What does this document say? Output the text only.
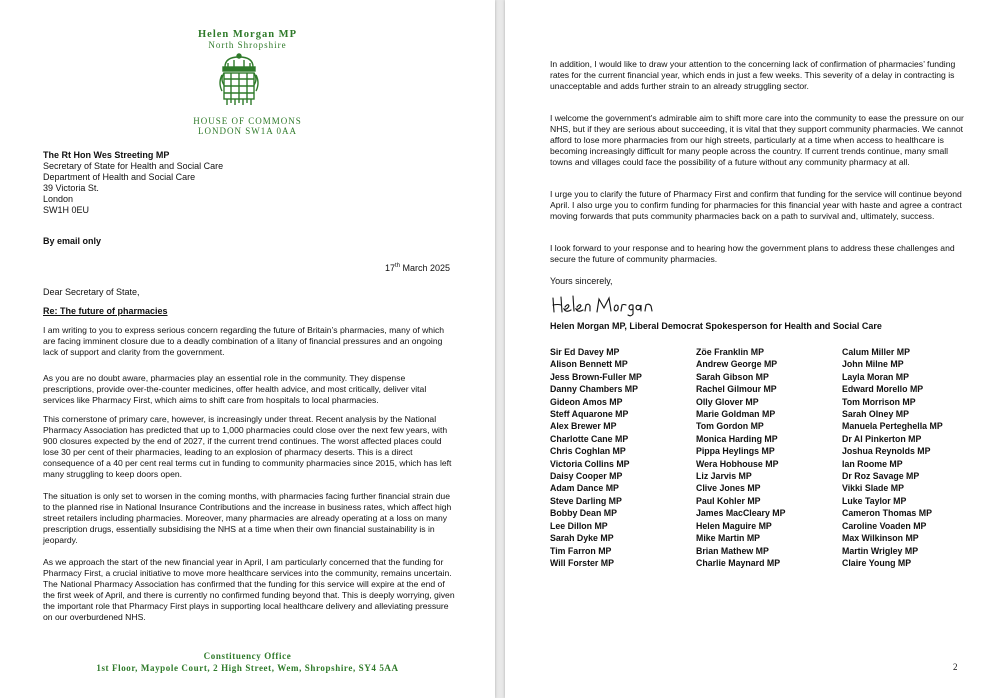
Helen Morgan MP
North Shropshire
HOUSE OF COMMONS
LONDON SW1A 0AA
The Rt Hon Wes Streeting MP
Secretary of State for Health and Social Care
Department of Health and Social Care
39 Victoria St.
London
SW1H 0EU
By email only
17th March 2025
Dear Secretary of State,
Re: The future of pharmacies
I am writing to you to express serious concern regarding the future of Britain’s pharmacies, many of which are facing imminent closure due to a deadly combination of a litany of financial pressures and an ongoing lack of support and clarity from the government.
As you are no doubt aware, pharmacies play an essential role in the community. They dispense prescriptions, provide over-the-counter medicines, offer health advice, and most critically, deliver vital services like Pharmacy First, which aims to shift care from hospitals to local pharmacies.
This cornerstone of primary care, however, is increasingly under threat. Recent analysis by the National Pharmacy Association has predicted that up to 1,000 pharmacies could close over the next few years, with 900 closures expected by the end of 2027, if the current trend continues. The worst affected places could lose 30 per cent of their pharmacies, leading to an explosion of pharmacy deserts. This is a direct consequence of a 40 per cent real terms cut in funding to community pharmacies since 2015, which has left many struggling to keep doors open.
The situation is only set to worsen in the coming months, with pharmacies facing further financial strain due to the planned rise in National Insurance Contributions and the increase in business rates, which affect high street retailers including pharmacies. Moreover, many pharmacies are already operating at a loss on many prescription drugs, essentially subsidising the NHS at a time when their own financial sustainability is in jeopardy.
As we approach the start of the new financial year in April, I am particularly concerned that the funding for Pharmacy First, a crucial initiative to move more healthcare services into the community, remains uncertain. The National Pharmacy Association has confirmed that the funding for this service will expire at the end of the first week of April, and there is currently no confirmed funding beyond that. This is deeply worrying, given the important role that Pharmacy First plays in supporting local healthcare delivery and alleviating pressure on our overburdened NHS.
Constituency Office
1st Floor, Maypole Court, 2 High Street, Wem, Shropshire, SY4 5AA
In addition, I would like to draw your attention to the concerning lack of confirmation of pharmacies’ funding rates for the current financial year, which ends in just a few weeks. This severity of a delay in contracting is unacceptable and adds further strain to an already struggling sector.
I welcome the government's admirable aim to shift more care into the community to ease the pressure on our NHS, but if they are serious about succeeding, it is vital that they support community pharmacies. We cannot afford to lose more pharmacies from our high streets, particularly at a time when access to healthcare is becoming increasingly difficult for many people across the country. If current trends continue, many small towns and villages could face the possibility of a future without any community pharmacy at all.
I urge you to clarify the future of Pharmacy First and confirm that funding for the service will continue beyond April. I also urge you to confirm funding for pharmacies for this financial year with haste and agree a contract moving forwards that puts community pharmacies back on a path to survival and, ultimately, success.
I look forward to your response and to hearing how the government plans to address these challenges and secure the future of community pharmacies.
Yours sincerely,
Helen Morgan MP, Liberal Democrat Spokesperson for Health and Social Care
Sir Ed Davey MP
Alison Bennett MP
Jess Brown-Fuller MP
Danny Chambers MP
Gideon Amos MP
Steff Aquarone MP
Alex Brewer MP
Charlotte Cane MP
Chris Coghlan MP
Victoria Collins MP
Daisy Cooper MP
Adam Dance MP
Steve Darling MP
Bobby Dean MP
Lee Dillon MP
Sarah Dyke MP
Tim Farron MP
Will Forster MP
Zöe Franklin MP
Andrew George MP
Sarah Gibson MP
Rachel Gilmour MP
Olly Glover MP
Marie Goldman MP
Tom Gordon MP
Monica Harding MP
Pippa Heylings MP
Wera Hobhouse MP
Liz Jarvis MP
Clive Jones MP
Paul Kohler MP
James MacCleary MP
Helen Maguire MP
Mike Martin MP
Brian Mathew MP
Charlie Maynard MP
Calum Miller MP
John Milne MP
Layla Moran MP
Edward Morello MP
Tom Morrison MP
Sarah Olney MP
Manuela Perteghella MP
Dr Al Pinkerton MP
Joshua Reynolds MP
Ian Roome MP
Dr Roz Savage MP
Vikki Slade MP
Luke Taylor MP
Cameron Thomas MP
Caroline Voaden MP
Max Wilkinson MP
Martin Wrigley MP
Claire Young MP
2
